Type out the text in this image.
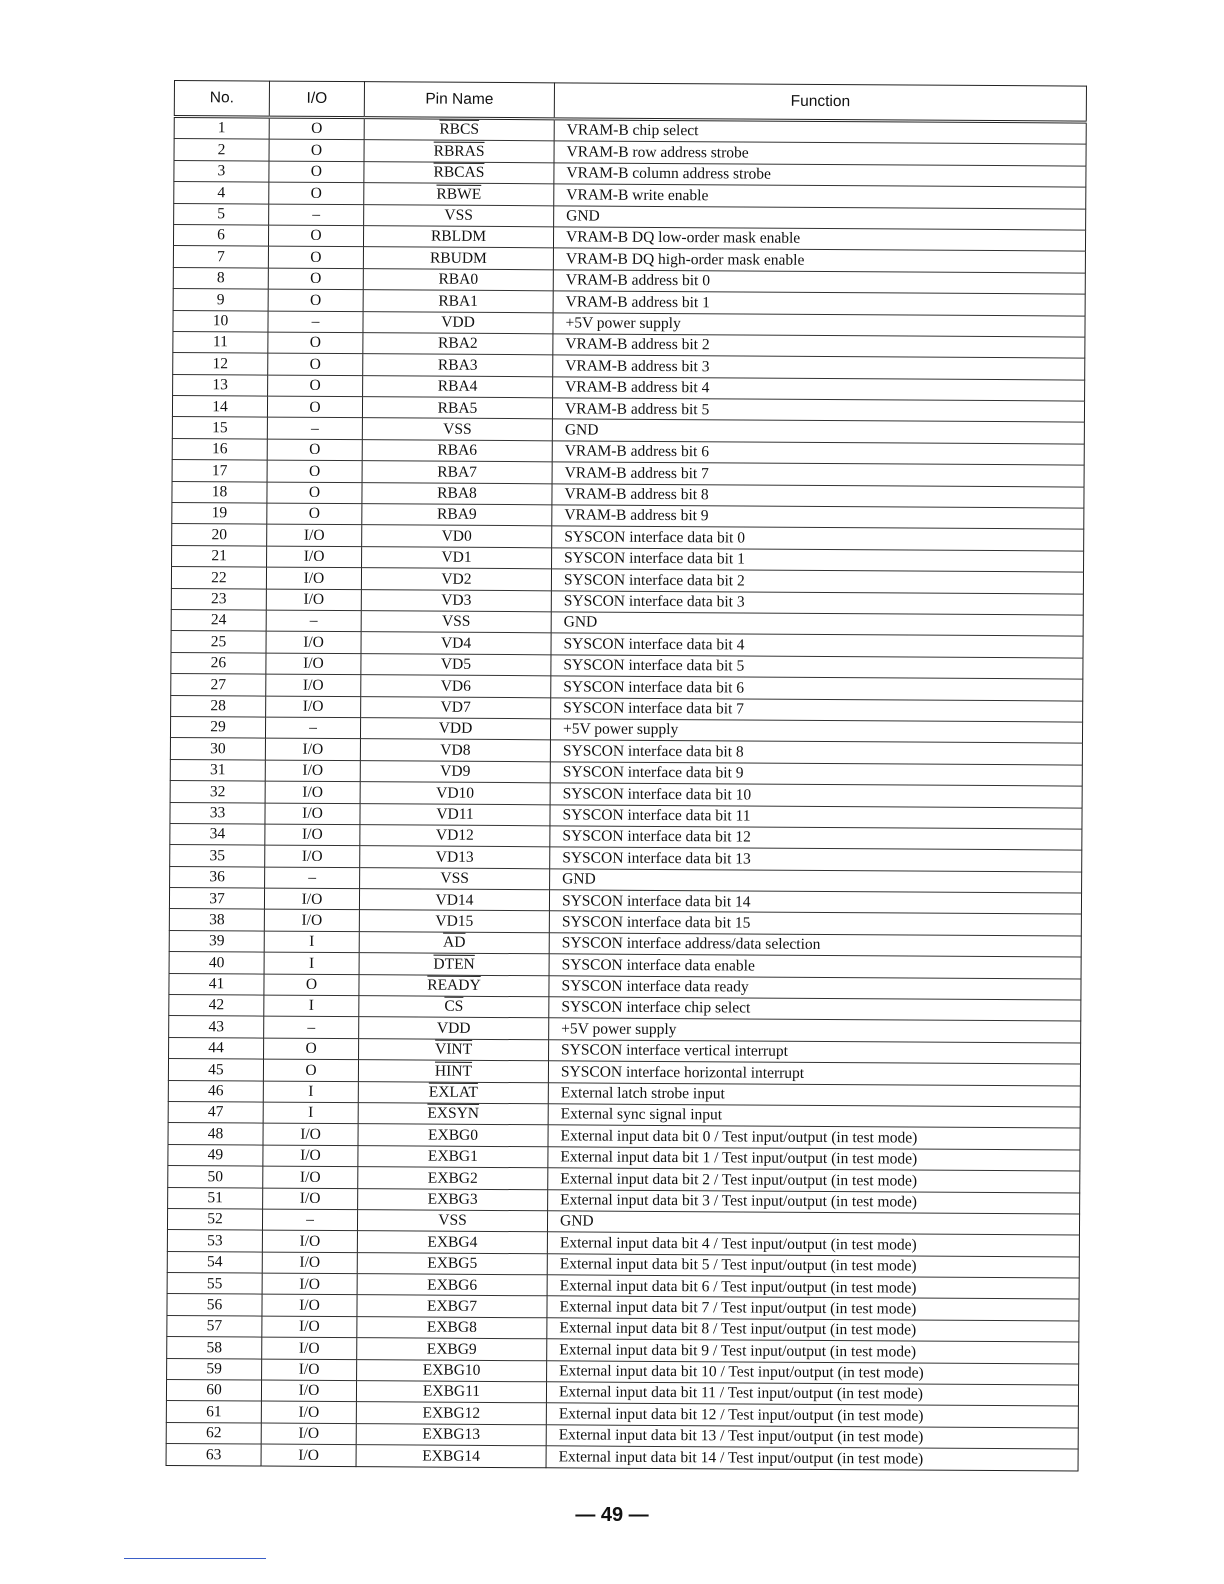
No.	I/O	Pin Name	Function
1	O	RBCS	VRAM-B chip select
2	O	RBRAS	VRAM-B row address strobe
3	O	RBCAS	VRAM-B column address strobe
4	O	RBWE	VRAM-B write enable
5	–	VSS	GND
6	O	RBLDM	VRAM-B DQ low-order mask enable
7	O	RBUDM	VRAM-B DQ high-order mask enable
8	O	RBA0	VRAM-B address bit 0
9	O	RBA1	VRAM-B address bit 1
10	–	VDD	+5V power supply
11	O	RBA2	VRAM-B address bit 2
12	O	RBA3	VRAM-B address bit 3
13	O	RBA4	VRAM-B address bit 4
14	O	RBA5	VRAM-B address bit 5
15	–	VSS	GND
16	O	RBA6	VRAM-B address bit 6
17	O	RBA7	VRAM-B address bit 7
18	O	RBA8	VRAM-B address bit 8
19	O	RBA9	VRAM-B address bit 9
20	I/O	VD0	SYSCON interface data bit 0
21	I/O	VD1	SYSCON interface data bit 1
22	I/O	VD2	SYSCON interface data bit 2
23	I/O	VD3	SYSCON interface data bit 3
24	–	VSS	GND
25	I/O	VD4	SYSCON interface data bit 4
26	I/O	VD5	SYSCON interface data bit 5
27	I/O	VD6	SYSCON interface data bit 6
28	I/O	VD7	SYSCON interface data bit 7
29	–	VDD	+5V power supply
30	I/O	VD8	SYSCON interface data bit 8
31	I/O	VD9	SYSCON interface data bit 9
32	I/O	VD10	SYSCON interface data bit 10
33	I/O	VD11	SYSCON interface data bit 11
34	I/O	VD12	SYSCON interface data bit 12
35	I/O	VD13	SYSCON interface data bit 13
36	–	VSS	GND
37	I/O	VD14	SYSCON interface data bit 14
38	I/O	VD15	SYSCON interface data bit 15
39	I	$\overline{AD}$	SYSCON interface address/data selection
40	I	DTEN	SYSCON interface data enable
41	O	READY	SYSCON interface data ready
42	I	$\overline{CS}$	SYSCON interface chip select
43	–	VDD	+5V power supply
44	O	VINT	SYSCON interface vertical interrupt
45	O	HINT	SYSCON interface horizontal interrupt
46	I	EXLAT	External latch strobe input
47	I	EXSYN	External sync signal input
48	I/O	EXBG0	External input data bit 0 / Test input/output (in test mode)
49	I/O	EXBG1	External input data bit 1 / Test input/output (in test mode)
50	I/O	EXBG2	External input data bit 2 / Test input/output (in test mode)
51	I/O	EXBG3	External input data bit 3 / Test input/output (in test mode)
52	–	VSS	GND
53	I/O	EXBG4	External input data bit 4 / Test input/output (in test mode)
54	I/O	EXBG5	External input data bit 5 / Test input/output (in test mode)
55	I/O	EXBG6	External input data bit 6 / Test input/output (in test mode)
56	I/O	EXBG7	External input data bit 7 / Test input/output (in test mode)
57	I/O	EXBG8	External input data bit 8 / Test input/output (in test mode)
58	I/O	EXBG9	External input data bit 9 / Test input/output (in test mode)
59	I/O	EXBG10	External input data bit 10 / Test input/output (in test mode)
60	I/O	EXBG11	External input data bit 11 / Test input/output (in test mode)
61	I/O	EXBG12	External input data bit 12 / Test input/output (in test mode)
62	I/O	EXBG13	External input data bit 13 / Test input/output (in test mode)
63	I/O	EXBG14	External input data bit 14 / Test input/output (in test mode)
— 49 —
